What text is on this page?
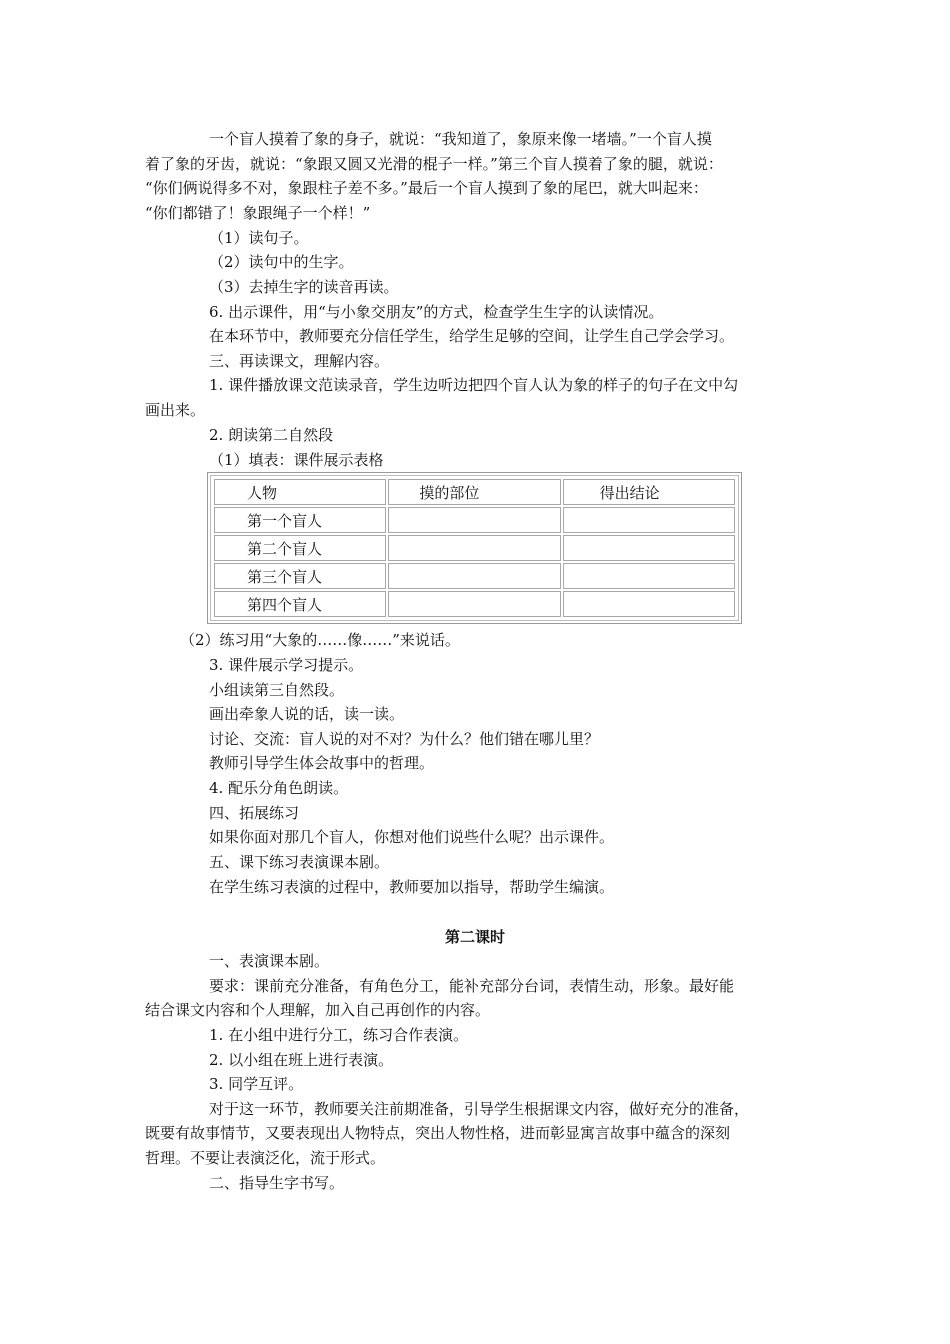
一个盲人摸着了象的身子，就说：“我知道了，象原来像一堵墙。”一个盲人摸
着了象的牙齿，就说：“象跟又圆又光滑的棍子一样。”第三个盲人摸着了象的腿，就说：
“你们俩说得多不对，象跟柱子差不多。”最后一个盲人摸到了象的尾巴，就大叫起来：
“你们都错了！象跟绳子一个样！”
（1）读句子。
（2）读句中的生字。
（3）去掉生字的读音再读。
6. 出示课件，用“与小象交朋友”的方式，检查学生生字的认读情况。
在本环节中，教师要充分信任学生，给学生足够的空间，让学生自己学会学习。
三、再读课文，理解内容。
1. 课件播放课文范读录音，学生边听边把四个盲人认为象的样子的句子在文中勾
画出来。
2. 朗读第二自然段
（1）填表：课件展示表格
人物	摸的部位	得出结论
第一个盲人		
第二个盲人		
第三个盲人		
第四个盲人		
（2）练习用“大象的……像……”来说话。
3. 课件展示学习提示。
小组读第三自然段。
画出牵象人说的话，读一读。
讨论、交流：盲人说的对不对？为什么？他们错在哪儿里？
教师引导学生体会故事中的哲理。
4. 配乐分角色朗读。
四、拓展练习
如果你面对那几个盲人，你想对他们说些什么呢？出示课件。
五、课下练习表演课本剧。
在学生练习表演的过程中，教师要加以指导，帮助学生编演。
第二课时
一、表演课本剧。
要求：课前充分准备，有角色分工，能补充部分台词，表情生动，形象。最好能
结合课文内容和个人理解，加入自己再创作的内容。
1. 在小组中进行分工，练习合作表演。
2. 以小组在班上进行表演。
3. 同学互评。
对于这一环节，教师要关注前期准备，引导学生根据课文内容，做好充分的准备，
既要有故事情节，又要表现出人物特点，突出人物性格，进而彰显寓言故事中蕴含的深刻
哲理。不要让表演泛化，流于形式。
二、指导生字书写。
